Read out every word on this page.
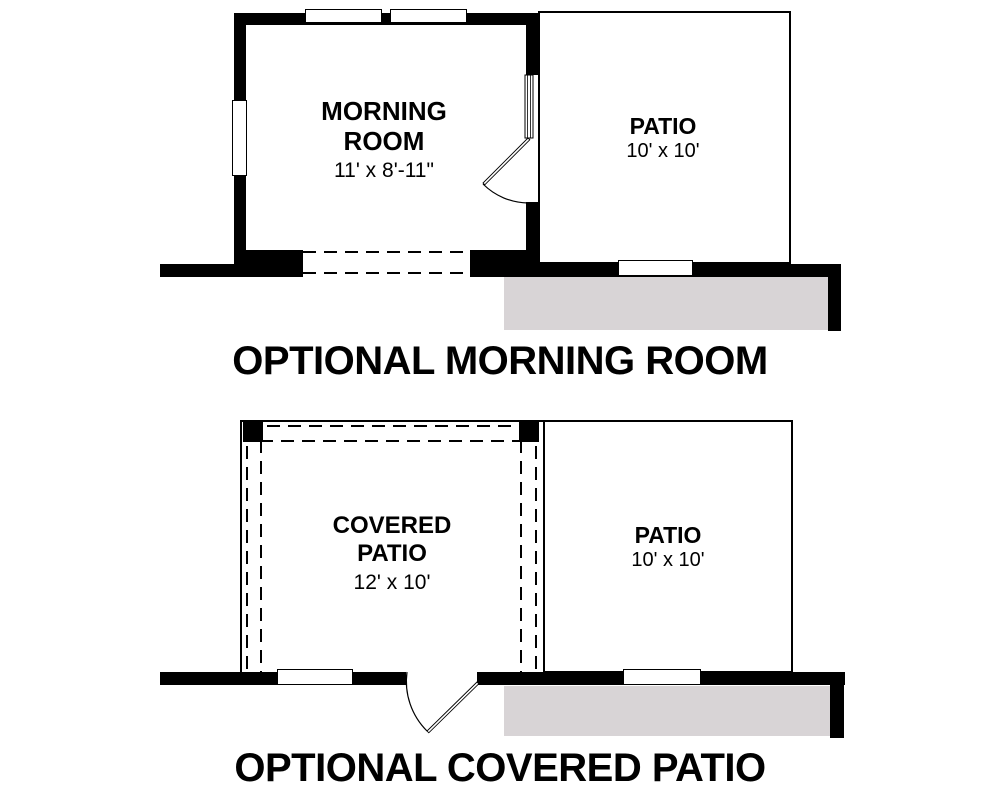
MORNING
ROOM
11' x 8'-11"
PATIO
10' x 10'
OPTIONAL MORNING ROOM
COVERED
PATIO
12' x 10'
PATIO
10' x 10'
OPTIONAL COVERED PATIO
